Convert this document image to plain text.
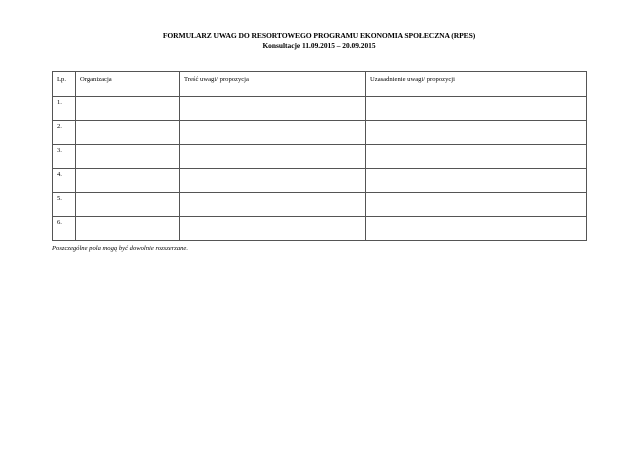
FORMULARZ UWAG DO RESORTOWEGO PROGRAMU EKONOMIA SPOŁECZNA (RPES)
Konsultacje 11.09.2015 – 20.09.2015
Lp.	Organizacja	Treść uwagi/ propozycja	Uzasadnienie uwagi/ propozycji
1.			
2.			
3.			
4.			
5.			
6.			
Poszczególne pola mogą być dowolnie rozszerzane.
